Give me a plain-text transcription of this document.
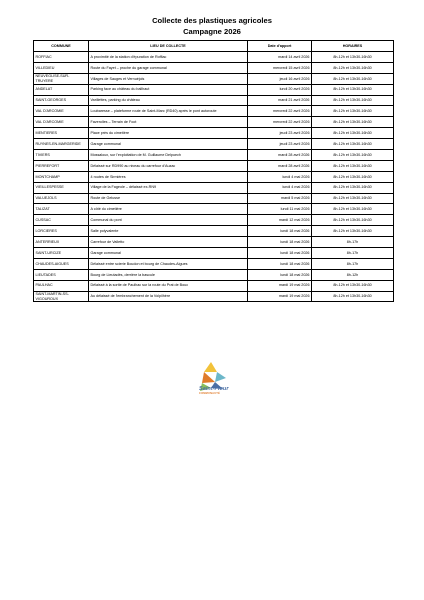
Collecte des plastiques agricoles
Campagne 2026
COMMUNE	LIEU DE COLLECTE	Date d'apport	HORAIRES
ROFFIAC	A proximité de la station d'épuration de Roffiac	mardi 14 avril 2026	8h-12h et 13h30-16h30
VILLEDIEU	Route du Fayet – proche du garage communal	mercredi 15 avril 2026	8h-12h et 13h30-16h30
NEUVEGLISE-SUR-TRUYERE	Villages de Sauges et Vernuéjols	jeudi 16 avril 2026	8h-12h et 13h30-16h30
ANDELAT	Parking face au château du ballhaut	lundi 20 avril 2026	8h-12h et 13h30-16h30
SAINT-GEORGES	Varillettes, parking du château	mardi 21 avril 2026	8h-12h et 13h30-16h30
VAL D'ARCOMIE	Loubaresse – plateforme route de Saint-Marc (RD40) après le pont autoroute	mercredi 22 avril 2026	8h-12h et 13h30-16h30
VAL D'ARCOMIE	Faverolles – Terrain de Foot	mercredi 22 avril 2026	8h-12h et 13h30-16h30
MENTIERES	Place près du cimetière	jeudi 23 avril 2026	8h-12h et 13h30-16h30
RUYNES-EN-MARGERIDE	Garage communal	jeudi 23 avril 2026	8h-12h et 13h30-16h30
TIVIERS	Mossaloux, sur l'exploitation de M. Guillaume Delpuech	mardi 28 avril 2026	8h-12h et 13h30-16h30
PIERREFORT	Délaissé sur RD990 au niveau du carrefour d'Auzac	mardi 28 avril 2026	8h-12h et 13h30-16h30
MONTCHAMP	4 routes de Sirmières	lundi 4 mai 2026	8h-12h et 13h30-16h30
VIEILLESPESSE	Village de la Fageole – délaissé ex-RN9	lundi 4 mai 2026	8h-12h et 13h30-16h30
VALUEJOLS	Route de Gelusse	mardi 5 mai 2026	8h-12h et 13h30-16h30
TALIZAT	A côté du cimetière	lundi 11 mai 2026	8h-12h et 13h30-16h30
CUSSAC	Communal du pont	mardi 12 mai 2026	8h-12h et 13h30-16h30
LORCIERES	Salle polyvalente	lundi 18 mai 2026	8h-12h et 13h30-16h30
ANTERRIEUX	Carrefour de Valletto	lundi 18 mai 2026	8h-17h
SAINT-URCIZE	Garage communal	lundi 18 mai 2026	8h-17h
CHAUDES-AIGUES	Délaissé entre scierie Boudon et bourg de Chaudes-Aigues	lundi 18 mai 2026	8h-17h
LIEUTADES	Bourg de Lieutadès, derrière la bascule	lundi 18 mai 2026	8h-12h
PAULHAC	Délaissé à la sortie de Paulhac sur la route du Prat de Bouc	mardi 19 mai 2026	8h-12h et 13h30-16h30
SAINT-MARTIN-SS-VIGOUROUX	Au délaissé de l'embranchement de la Volpilhère	mardi 19 mai 2026	8h-12h et 13h30-16h30
Saint-Flour
COMMUNAUTÉ
